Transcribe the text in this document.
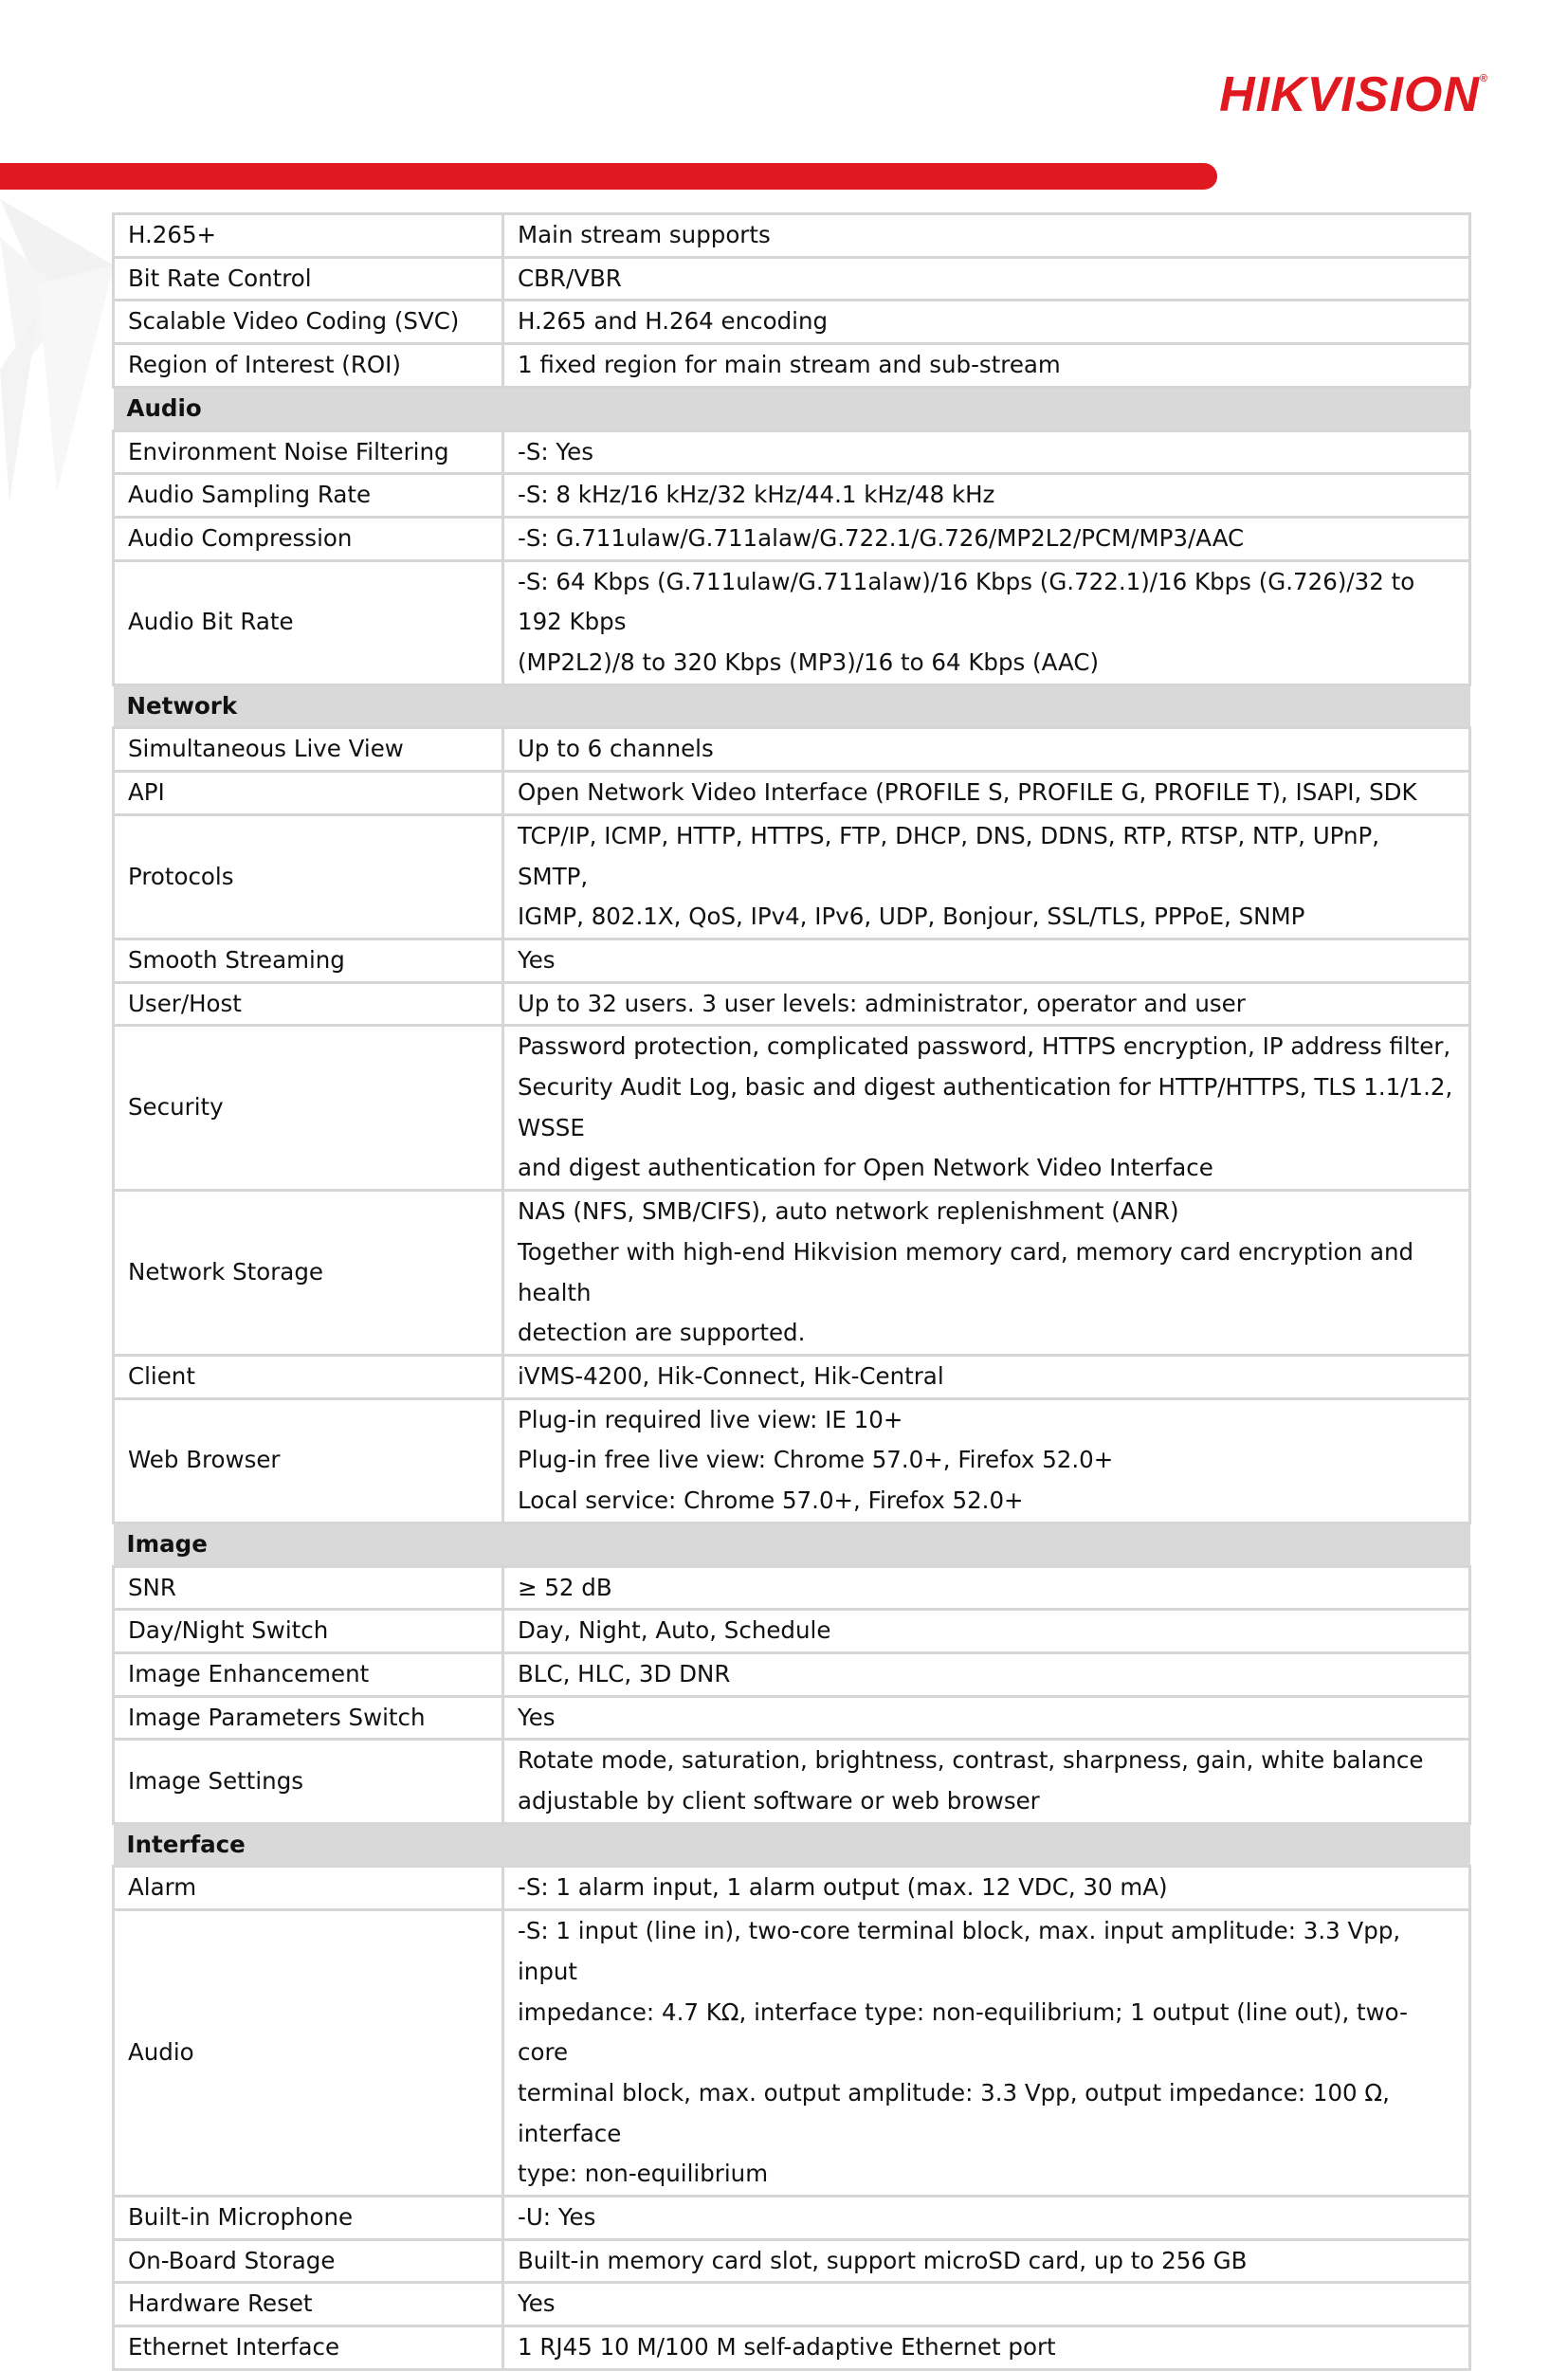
HIKVISION®
H.265+	Main stream supports

Bit Rate Control	CBR/VBR

Scalable Video Coding (SVC)	H.265 and H.264 encoding

Region of Interest (ROI)	1 fixed region for main stream and sub-stream

Audio	
Environment Noise Filtering	-S: Yes

Audio Sampling Rate	-S: 8 kHz/16 kHz/32 kHz/44.1 kHz/48 kHz

Audio Compression	-S: G.711ulaw/G.711alaw/G.722.1/G.726/MP2L2/PCM/MP3/AAC

Audio Bit Rate	-S: 64 Kbps (G.711ulaw/G.711alaw)/16 Kbps (G.722.1)/16 Kbps (G.726)/32 to 192 Kbps
(MP2L2)/8 to 320 Kbps (MP3)/16 to 64 Kbps (AAC)

Network	
Simultaneous Live View	Up to 6 channels

API	Open Network Video Interface (PROFILE S, PROFILE G, PROFILE T), ISAPI, SDK

Protocols	TCP/IP, ICMP, HTTP, HTTPS, FTP, DHCP, DNS, DDNS, RTP, RTSP, NTP, UPnP, SMTP,
IGMP, 802.1X, QoS, IPv4, IPv6, UDP, Bonjour, SSL/TLS, PPPoE, SNMP

Smooth Streaming	Yes

User/Host	Up to 32 users. 3 user levels: administrator, operator and user

Security	Password protection, complicated password, HTTPS encryption, IP address filter,
Security Audit Log, basic and digest authentication for HTTP/HTTPS, TLS 1.1/1.2, WSSE
and digest authentication for Open Network Video Interface

Network Storage	NAS (NFS, SMB/CIFS), auto network replenishment (ANR)
Together with high-end Hikvision memory card, memory card encryption and health
detection are supported.

Client	iVMS-4200, Hik-Connect, Hik-Central

Web Browser	Plug-in required live view: IE 10+
Plug-in free live view: Chrome 57.0+, Firefox 52.0+
Local service: Chrome 57.0+, Firefox 52.0+

Image	
SNR	≥ 52 dB

Day/Night Switch	Day, Night, Auto, Schedule

Image Enhancement	BLC, HLC, 3D DNR

Image Parameters Switch	Yes

Image Settings	Rotate mode, saturation, brightness, contrast, sharpness, gain, white balance
adjustable by client software or web browser

Interface	
Alarm	-S: 1 alarm input, 1 alarm output (max. 12 VDC, 30 mA)

Audio	-S: 1 input (line in), two-core terminal block, max. input amplitude: 3.3 Vpp, input
impedance: 4.7 KΩ, interface type: non-equilibrium; 1 output (line out), two-core
terminal block, max. output amplitude: 3.3 Vpp, output impedance: 100 Ω, interface
type: non-equilibrium

Built-in Microphone	-U: Yes

On-Board Storage	Built-in memory card slot, support microSD card, up to 256 GB

Hardware Reset	Yes

Ethernet Interface	1 RJ45 10 M/100 M self-adaptive Ethernet port
